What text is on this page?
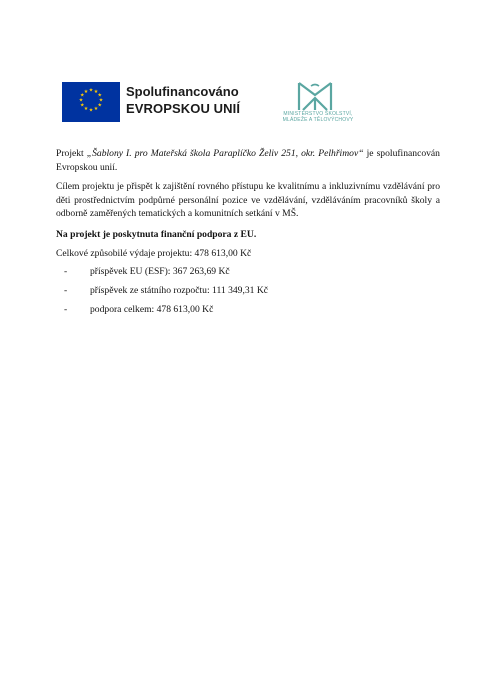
★ ★
★
★
★
★
★
★
★
★
★
★	Spolufinancováno
EVROPSKOU UNIÍ	MINISTERSTVO ŠKOLSTVÍ,
MLÁDEŽE A TĚLOVÝCHOVY
Projekt „Šablony I. pro Mateřská škola Paraplíčko Želiv 251, okr. Pelhřimov“ je spolufinancován Evropskou unií.
Cílem projektu je přispět k zajištění rovného přístupu ke kvalitnímu a inkluzivnímu vzdělávání pro děti prostřednictvím podpůrné personální pozice ve vzdělávání, vzděláváním pracovníků školy a odborně zaměřených tematických a komunitních setkání v MŠ.
Na projekt je poskytnuta finanční podpora z EU.
Celkové způsobilé výdaje projektu: 478 613,00 Kč
-	příspěvek EU (ESF): 367 263,69 Kč
-	příspěvek ze státního rozpočtu: 111 349,31 Kč
-	podpora celkem: 478 613,00 Kč
